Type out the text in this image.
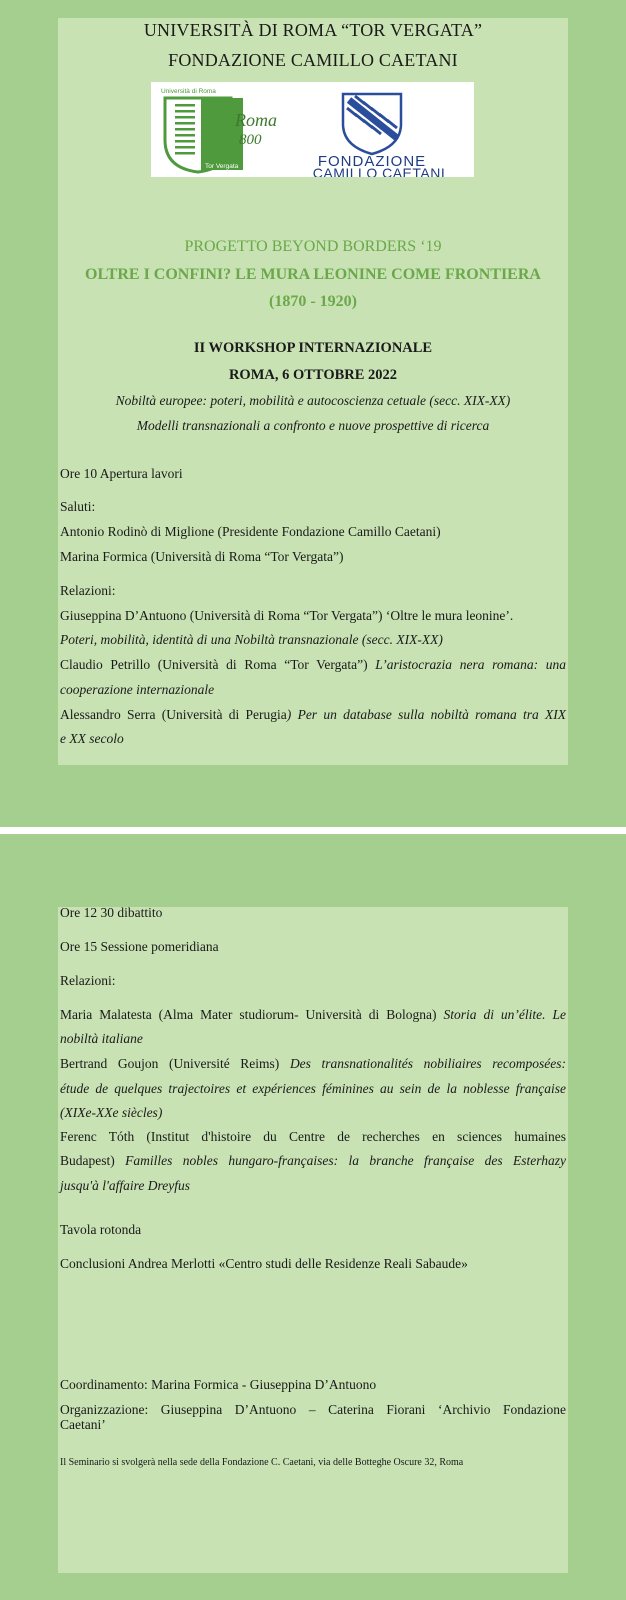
UNIVERSITÀ DI ROMA “TOR VERGATA”
FONDAZIONE CAMILLO CAETANI
Università di Roma
Roma
800
Tor Vergata	FONDAZIONE
CAMILLO CAETANI
PROGETTO BEYOND BORDERS ‘19
OLTRE I CONFINI? LE MURA LEONINE COME FRONTIERA
(1870 - 1920)
II WORKSHOP INTERNAZIONALE
ROMA, 6 OTTOBRE 2022
Nobiltà europee: poteri, mobilità e autocoscienza cetuale (secc. XIX-XX)
Modelli transnazionali a confronto e nuove prospettive di ricerca
Ore 10 Apertura lavori
Saluti:
Antonio Rodinò di Miglione (Presidente Fondazione Camillo Caetani)
Marina Formica (Università di Roma “Tor Vergata”)
Relazioni:
Giuseppina D’Antuono (Università di Roma “Tor Vergata”) ‘Oltre le mura leonine’.
Poteri, mobilità, identità di una Nobiltà transnazionale (secc. XIX-XX)
Claudio Petrillo (Università di Roma “Tor Vergata”) L’aristocrazia nera romana: una
cooperazione internazionale
Alessandro Serra (Università di Perugia) Per un database sulla nobiltà romana tra XIX
e XX secolo
Ore 12 30 dibattito
Ore 15 Sessione pomeridiana
Relazioni:
Maria Malatesta (Alma Mater studiorum- Università di Bologna) Storia di un’élite. Le
nobiltà italiane
Bertrand Goujon (Université Reims) Des transnationalités nobiliaires recomposées:
étude de quelques trajectoires et expériences féminines au sein de la noblesse française
(XIXe-XXe siècles)
Ferenc Tóth (Institut d'histoire du Centre de recherches en sciences humaines
Budapest) Familles nobles hungaro-françaises: la branche française des Esterhazy
jusqu'à l'affaire Dreyfus
Tavola rotonda
Conclusioni Andrea Merlotti «Centro studi delle Residenze Reali Sabaude»
Coordinamento: Marina Formica - Giuseppina D’Antuono
Organizzazione: Giuseppina D’Antuono – Caterina Fiorani ‘Archivio Fondazione
Caetani’
Il Seminario si svolgerà nella sede della Fondazione C. Caetani, via delle Botteghe Oscure 32, Roma
